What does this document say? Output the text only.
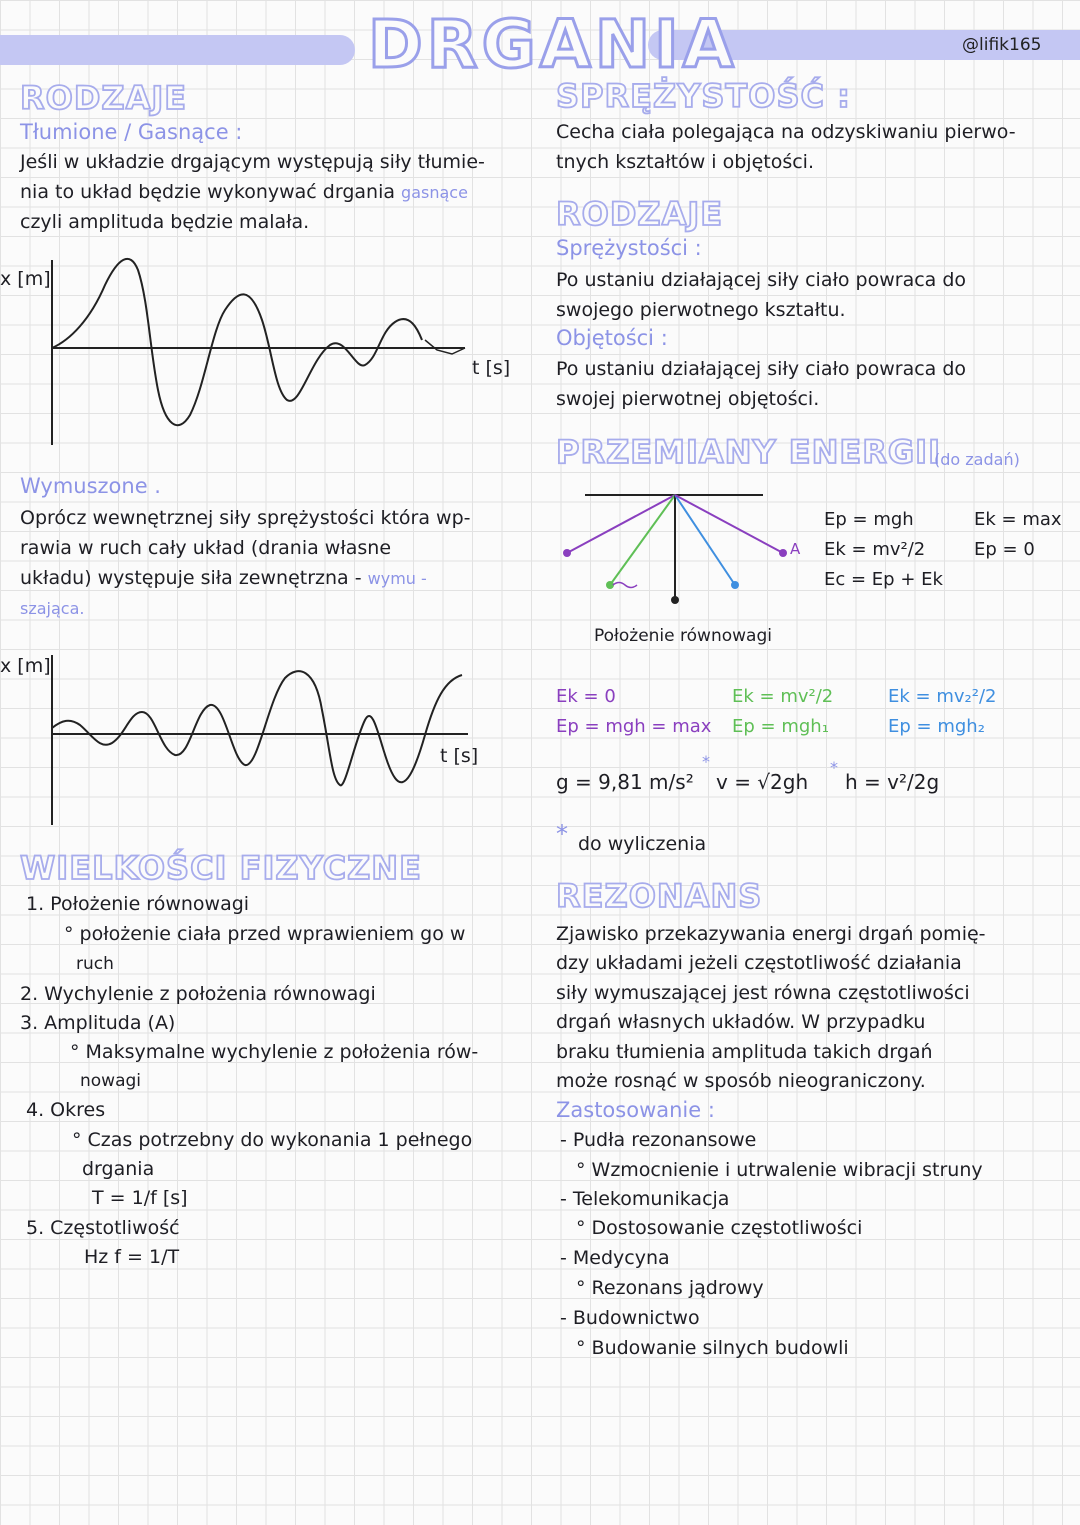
DRGANIA	@lifik165
RODZAJE
Tłumione / Gasnące :
Jeśli w układzie drgającym występują siły tłumie-
nia to układ będzie wykonywać drgania gasnące
czyli amplituda będzie malała.
x [m]
t [s]
Wymuszone .
Oprócz wewnętrznej siły sprężystości która wp-
rawia w ruch cały układ (drania własne
układu) występuje siła zewnętrzna - wymu -
szająca.
x [m]
t [s]
WIELKOŚCI FIZYCZNE
1. Położenie równowagi
° położenie ciała przed wprawieniem go w
ruch
2. Wychylenie z położenia równowagi
3. Amplituda (A)
° Maksymalne wychylenie z położenia rów-
nowagi
4. Okres
° Czas potrzebny do wykonania 1 pełnego
drgania
T = 1/f [s]
5. Częstotliwość
Hz f = 1/T
SPRĘŻYSTOŚĆ :
Cecha ciała polegająca na odzyskiwaniu pierwo-
tnych kształtów i objętości.
RODZAJE
Sprężystości :
Po ustaniu działającej siły ciało powraca do
swojego pierwotnego kształtu.
Objętości :
Po ustaniu działającej siły ciało powraca do
swojej pierwotnej objętości.
PRZEMIANY ENERGII
(do zadań)
A
Położenie równowagi
Ep = mgh
Ek = mv²/2
Ec = Ep + Ek
Ek = max
Ep = 0
Ek = 0
Ep = mgh = max
Ek = mv²/2
Ep = mgh₁
Ek = mv₂²/2
Ep = mgh₂
g = 9,81 m/s²
*
v = √2gh
*
h = v²/2g
* do wyliczenia
REZONANS
Zjawisko przekazywania energi drgań pomię-
dzy układami jeżeli częstotliwość działania
siły wymuszającej jest równa częstotliwości
drgań własnych układów. W przypadku
braku tłumienia amplituda takich drgań
może rosnąć w sposób nieograniczony.
Zastosowanie :
- Pudła rezonansowe
° Wzmocnienie i utrwalenie wibracji struny
- Telekomunikacja
° Dostosowanie częstotliwości
- Medycyna
° Rezonans jądrowy
- Budownictwo
° Budowanie silnych budowli
